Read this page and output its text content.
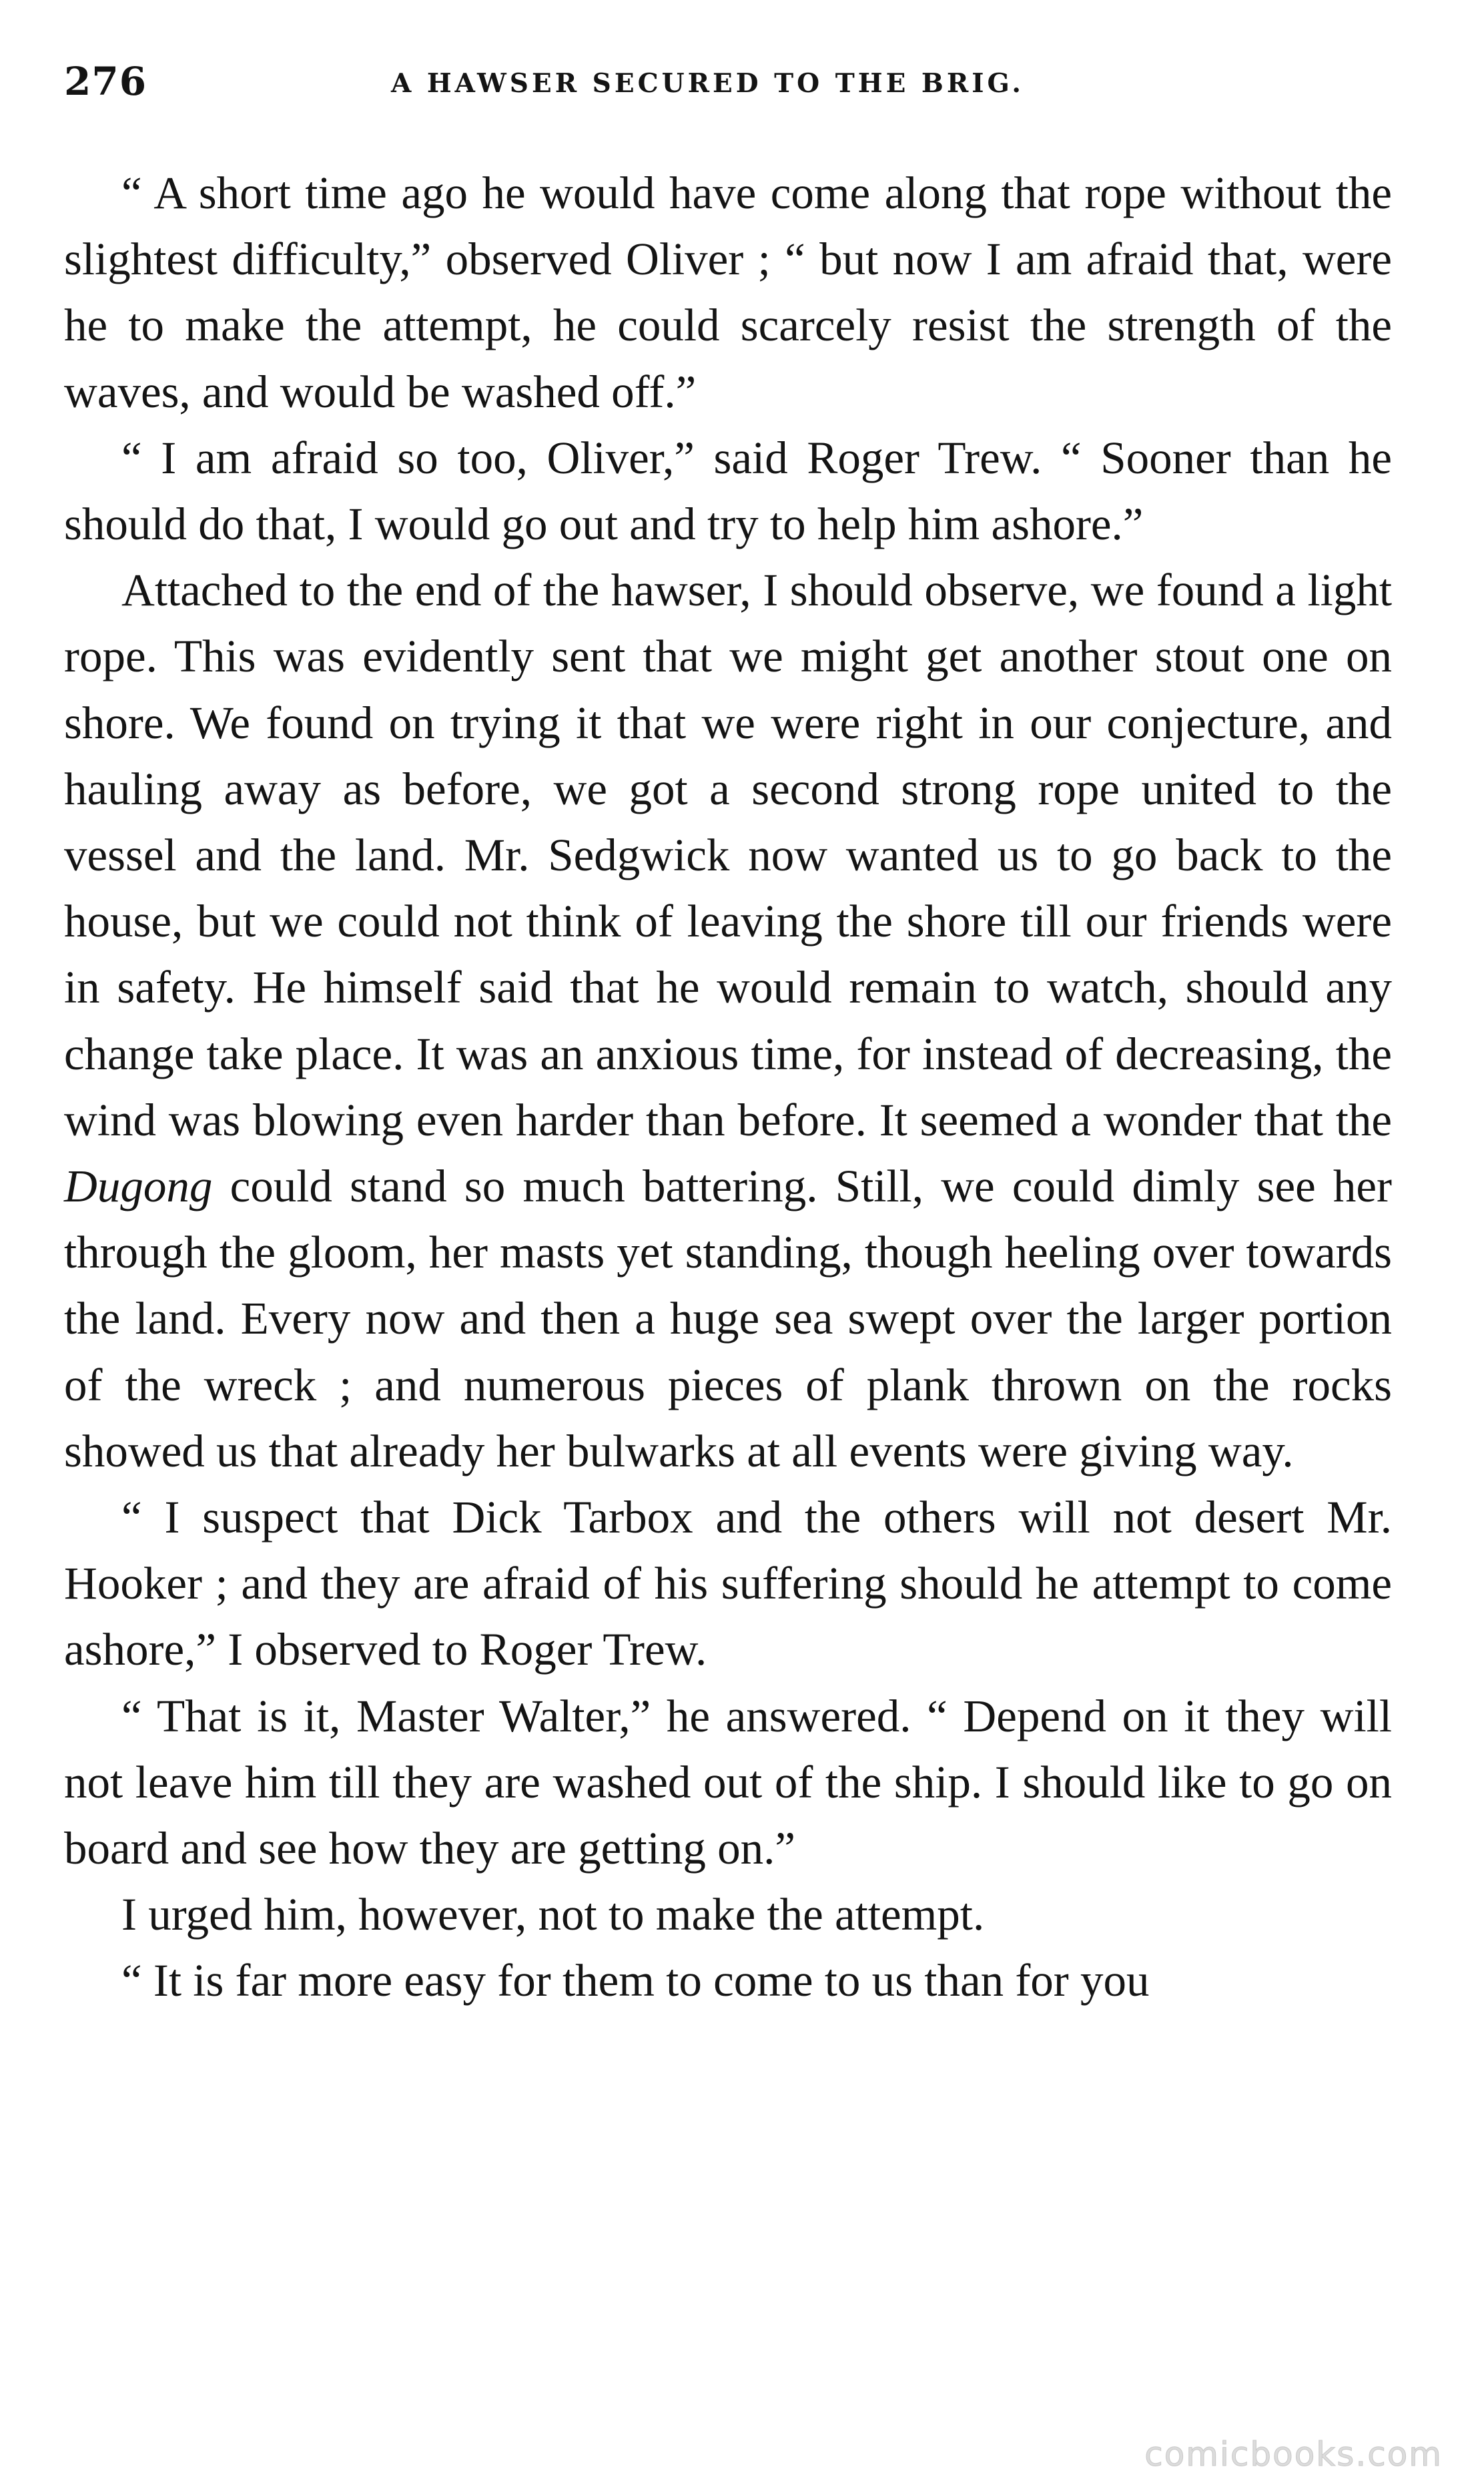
276	A HAWSER SECURED TO THE BRIG.

“ A short time ago he would have come along that rope without the slightest difficulty,” observed Oliver ; “ but now I am afraid that, were he to make the attempt, he could scarcely resist the strength of the waves, and would be washed off.”

“ I am afraid so too, Oliver,” said Roger Trew. “ Sooner than he should do that, I would go out and try to help him ashore.”

Attached to the end of the hawser, I should observe, we found a light rope. This was evidently sent that we might get another stout one on shore. We found on trying it that we were right in our conjecture, and hauling away as before, we got a second strong rope united to the vessel and the land. Mr. Sedgwick now wanted us to go back to the house, but we could not think of leaving the shore till our friends were in safety. He himself said that he would remain to watch, should any change take place. It was an anxious time, for instead of decreasing, the wind was blowing even harder than before. It seemed a wonder that the Dugong could stand so much battering. Still, we could dimly see her through the gloom, her masts yet standing, though heeling over towards the land. Every now and then a huge sea swept over the larger portion of the wreck ; and numerous pieces of plank thrown on the rocks showed us that already her bulwarks at all events were giving way.

“ I suspect that Dick Tarbox and the others will not desert Mr. Hooker ; and they are afraid of his suffering should he attempt to come ashore,” I observed to Roger Trew.

“ That is it, Master Walter,” he answered. “ Depend on it they will not leave him till they are washed out of the ship. I should like to go on board and see how they are getting on.”

I urged him, however, not to make the attempt.

“ It is far more easy for them to come to us than for you

comicbooks.com
